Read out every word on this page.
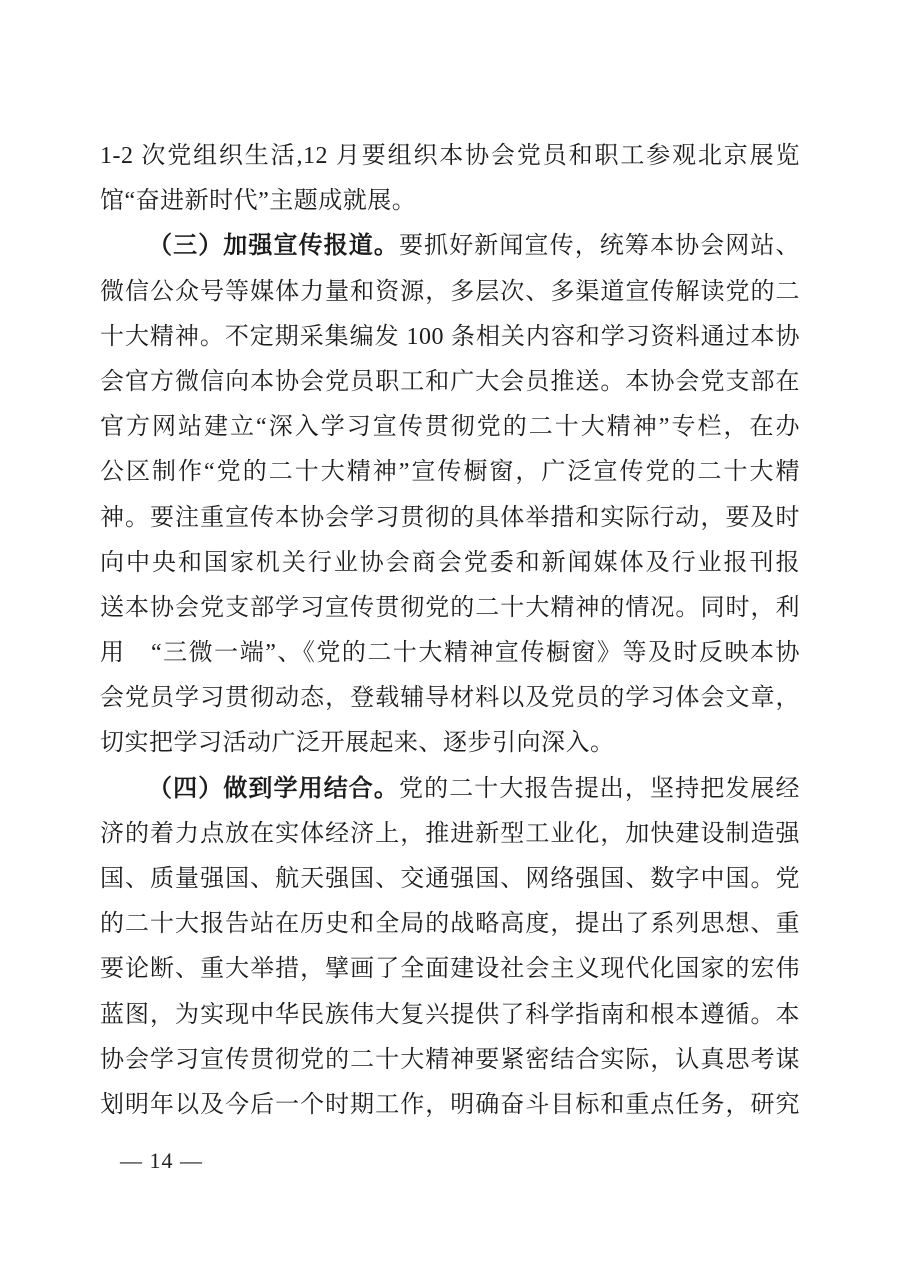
1-2 次党组织生活,12 月要组织本协会党员和职工参观北京展览
馆“奋进新时代”主题成就展。
（三）加强宣传报道。要抓好新闻宣传，统筹本协会网站、
微信公众号等媒体力量和资源，多层次、多渠道宣传解读党的二
十大精神。不定期采集编发 100 条相关内容和学习资料通过本协
会官方微信向本协会党员职工和广大会员推送。本协会党支部在
官方网站建立“深入学习宣传贯彻党的二十大精神”专栏，在办
公区制作“党的二十大精神”宣传橱窗，广泛宣传党的二十大精
神。要注重宣传本协会学习贯彻的具体举措和实际行动，要及时
向中央和国家机关行业协会商会党委和新闻媒体及行业报刊报
送本协会党支部学习宣传贯彻党的二十大精神的情况。同时，利
用　“三微一端”、《党的二十大精神宣传橱窗》等及时反映本协
会党员学习贯彻动态，登载辅导材料以及党员的学习体会文章，
切实把学习活动广泛开展起来、逐步引向深入。
（四）做到学用结合。党的二十大报告提出，坚持把发展经
济的着力点放在实体经济上，推进新型工业化，加快建设制造强
国、质量强国、航天强国、交通强国、网络强国、数字中国。党
的二十大报告站在历史和全局的战略高度，提出了系列思想、重
要论断、重大举措，擘画了全面建设社会主义现代化国家的宏伟
蓝图，为实现中华民族伟大复兴提供了科学指南和根本遵循。本
协会学习宣传贯彻党的二十大精神要紧密结合实际，认真思考谋
划明年以及今后一个时期工作，明确奋斗目标和重点任务，研究
— 14 —
